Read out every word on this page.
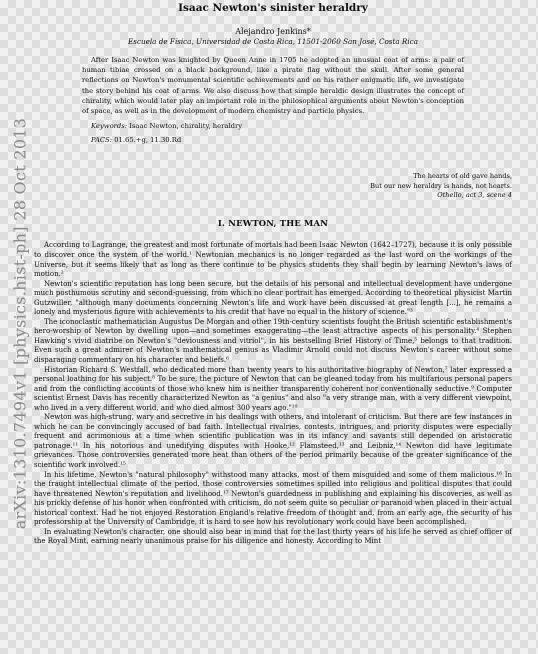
arXiv:1310.7494v1 [physics.hist-ph] 28 Oct 2013
Isaac Newton's sinister heraldry
Alejandro Jenkins*
Escuela de Física, Universidad de Costa Rica, 11501-2060 San José, Costa Rica
After Isaac Newton was knighted by Queen Anne in 1705 he adopted an unusual coat of arms: a pair of human tibiae crossed on a black background, like a pirate flag without the skull. After some general reflections on Newton's monumental scientific achievements and on his rather enigmatic life, we investigate the story behind his coat of arms. We also discuss how that simple heraldic design illustrates the concept of chirality, which would later play an important role in the philosophical arguments about Newton's conception of space, as well as in the development of modern chemistry and particle physics.
Keywords: Isaac Newton, chirality, heraldry
PACS: 01.65.+g, 11.30.Rd
The hearts of old gave hands,
But our new heraldry is hands, not hearts.
Othello, act 3, scene 4
I. NEWTON, THE MAN

According to Lagrange, the greatest and most fortunate of mortals had been Isaac Newton (1642–1727), because it is only possible to discover once the system of the world.¹ Newtonian mechanics is no longer regarded as the last word on the workings of the Universe, but it seems likely that as long as there continue to be physics students they shall begin by learning Newton's laws of motion.²

Newton's scientific reputation has long been secure, but the details of his personal and intellectual development have undergone much posthumous scrutiny and second-guessing, from which no clear portrait has emerged. According to theoretical physicist Martin Gutzwiller, "although many documents concerning Newton's life and work have been discussed at great length [...], he remains a lonely and mysterious figure with achievements to his credit that have no equal in the history of science."³

The iconoclastic mathematician Augustus De Morgan and other 19th-century scientists fought the British scientific establishment's hero-worship of Newton by dwelling upon—and sometimes exaggerating—the least attractive aspects of his personality.⁴ Stephen Hawking's vivid diatribe on Newton's "deviousness and vitriol", in his bestselling Brief History of Time,⁵ belongs to that tradition. Even such a great admirer of Newton's mathematical genius as Vladimir Arnold could not discuss Newton's career without some disparaging commentary on his character and beliefs.⁶

Historian Richard S. Westfall, who dedicated more than twenty years to his authoritative biography of Newton,⁷ later expressed a personal loathing for his subject.⁸ To be sure, the picture of Newton that can be gleaned today from his multifarious personal papers and from the conflicting accounts of those who knew him is neither transparently coherent nor conventionally seductive.⁹ Computer scientist Ernest Davis has recently characterized Newton as "a genius" and also "a very strange man, with a very different viewpoint, who lived in a very different world, and who died almost 300 years ago."¹⁰

Newton was high-strung, wary and secretive in his dealings with others, and intolerant of criticism. But there are few instances in which he can be convincingly accused of bad faith. Intellectual rivalries, contests, intrigues, and priority disputes were especially frequent and acrimonious at a time when scientific publication was in its infancy and savants still depended on aristocratic patronage.¹¹ In his notorious and unedifying disputes with Hooke,¹² Flamsteed,¹³ and Leibniz,¹⁴ Newton did have legitimate grievances. Those controversies generated more heat than others of the period primarily because of the greater significance of the scientific work involved.¹⁵

In his lifetime, Newton's "natural philosophy" withstood many attacks, most of them misguided and some of them malicious.¹⁶ In the fraught intellectual climate of the period, those controversies sometimes spilled into religious and political disputes that could have threatened Newton's reputation and livelihood.¹⁷ Newton's guardedness in publishing and explaining his discoveries, as well as his prickly defense of his honor when confronted with criticism, do not seem quite so peculiar or paranoid when placed in their actual historical context. Had he not enjoyed Restoration England's relative freedom of thought and, from an early age, the security of his professorship at the University of Cambridge, it is hard to see how his revolutionary work could have been accomplished.

In evaluating Newton's character, one should also bear in mind that for the last thirty years of his life he served as chief officer of the Royal Mint, earning nearly unanimous praise for his diligence and honesty. According to Mint
